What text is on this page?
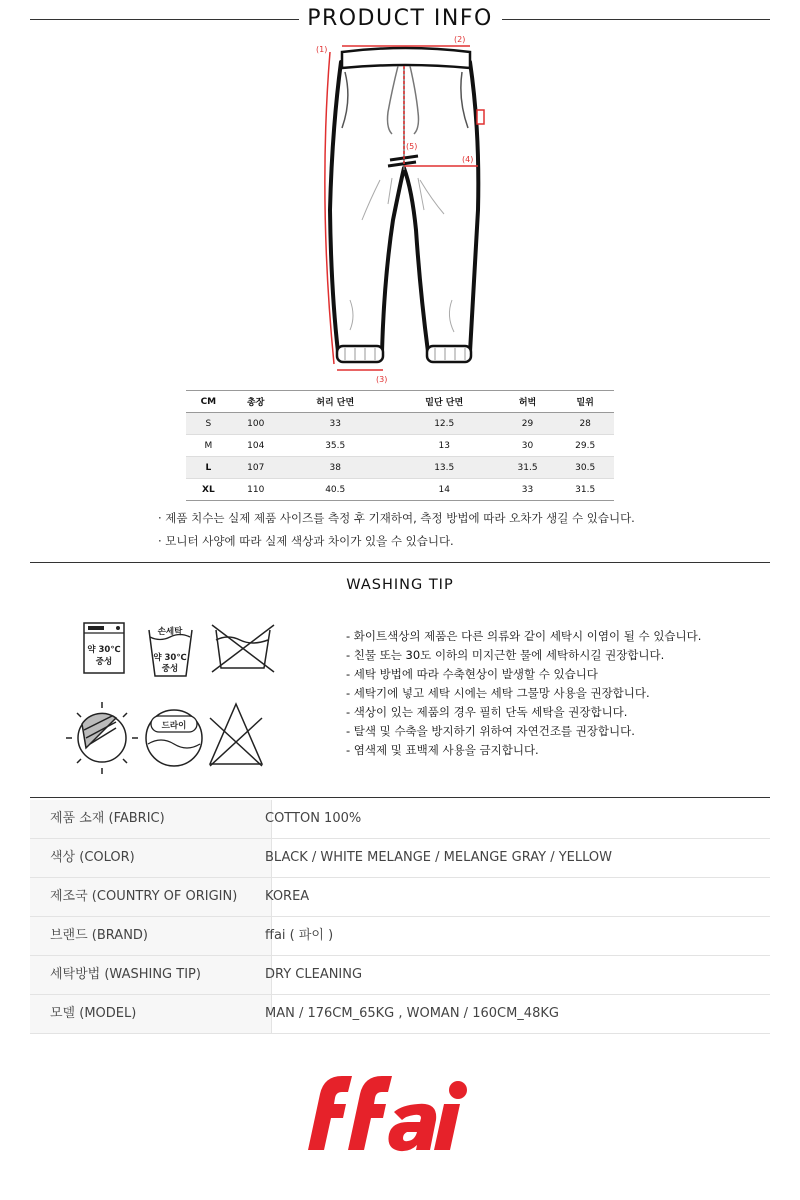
PRODUCT INFO
(1)
(2)
(3)
(4)
(5)
CM	총장	허리 단면	밑단 단면	허벅	밑위
S	100	33	12.5	29	28
M	104	35.5	13	30	29.5
L	107	38	13.5	31.5	30.5
XL	110	40.5	14	33	31.5
· 제품 치수는 실제 제품 사이즈를 측정 후 기재하여, 측정 방법에 따라 오차가 생길 수 있습니다.
· 모니터 사양에 따라 실제 색상과 차이가 있을 수 있습니다.
WASHING TIP
약 30℃
중성
손세탁
약 30℃
중성
드라이
- 화이트색상의 제품은 다른 의류와 같이 세탁시 이염이 될 수 있습니다.
- 친물 또는 30도 이하의 미지근한 물에 세탁하시길 권장합니다.
- 세탁 방법에 따라 수축현상이 발생할 수 있습니다
- 세탁기에 넣고 세탁 시에는 세탁 그물망 사용을 권장합니다.
- 색상이 있는 제품의 경우 필히 단독 세탁을 권장합니다.
- 탈색 및 수축을 방지하기 위하여 자연건조를 권장합니다.
- 염색제 및 표백제 사용을 금지합니다.
제품 소재 (FABRIC)	COTTON 100%
색상 (COLOR)	BLACK / WHITE MELANGE / MELANGE GRAY / YELLOW
제조국 (COUNTRY OF ORIGIN)	KOREA
브랜드 (BRAND)	ffai ( 파이 )
세탁방법 (WASHING TIP)	DRY CLEANING
모델 (MODEL)	MAN / 176CM_65KG , WOMAN / 160CM_48KG
